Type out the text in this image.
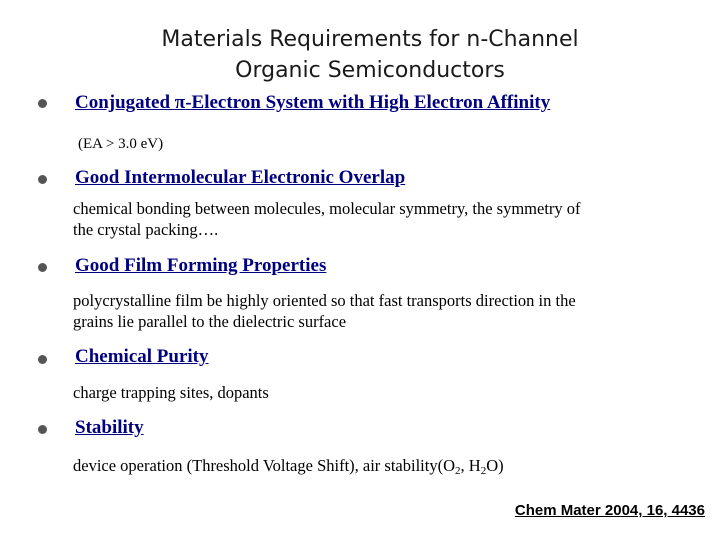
Materials Requirements for n-Channel
Organic Semiconductors
Conjugated π-Electron System with High Electron Affinity
(EA > 3.0 eV)
Good Intermolecular Electronic Overlap
chemical bonding between molecules, molecular symmetry, the symmetry of
the crystal packing….
Good Film Forming Properties
polycrystalline film be highly oriented so that fast transports direction in the
grains lie parallel to the dielectric surface
Chemical Purity
charge trapping sites, dopants
Stability
device operation (Threshold Voltage Shift), air $stability(O_2$, $H_2O$)
Chem Mater 2004, 16, 4436
